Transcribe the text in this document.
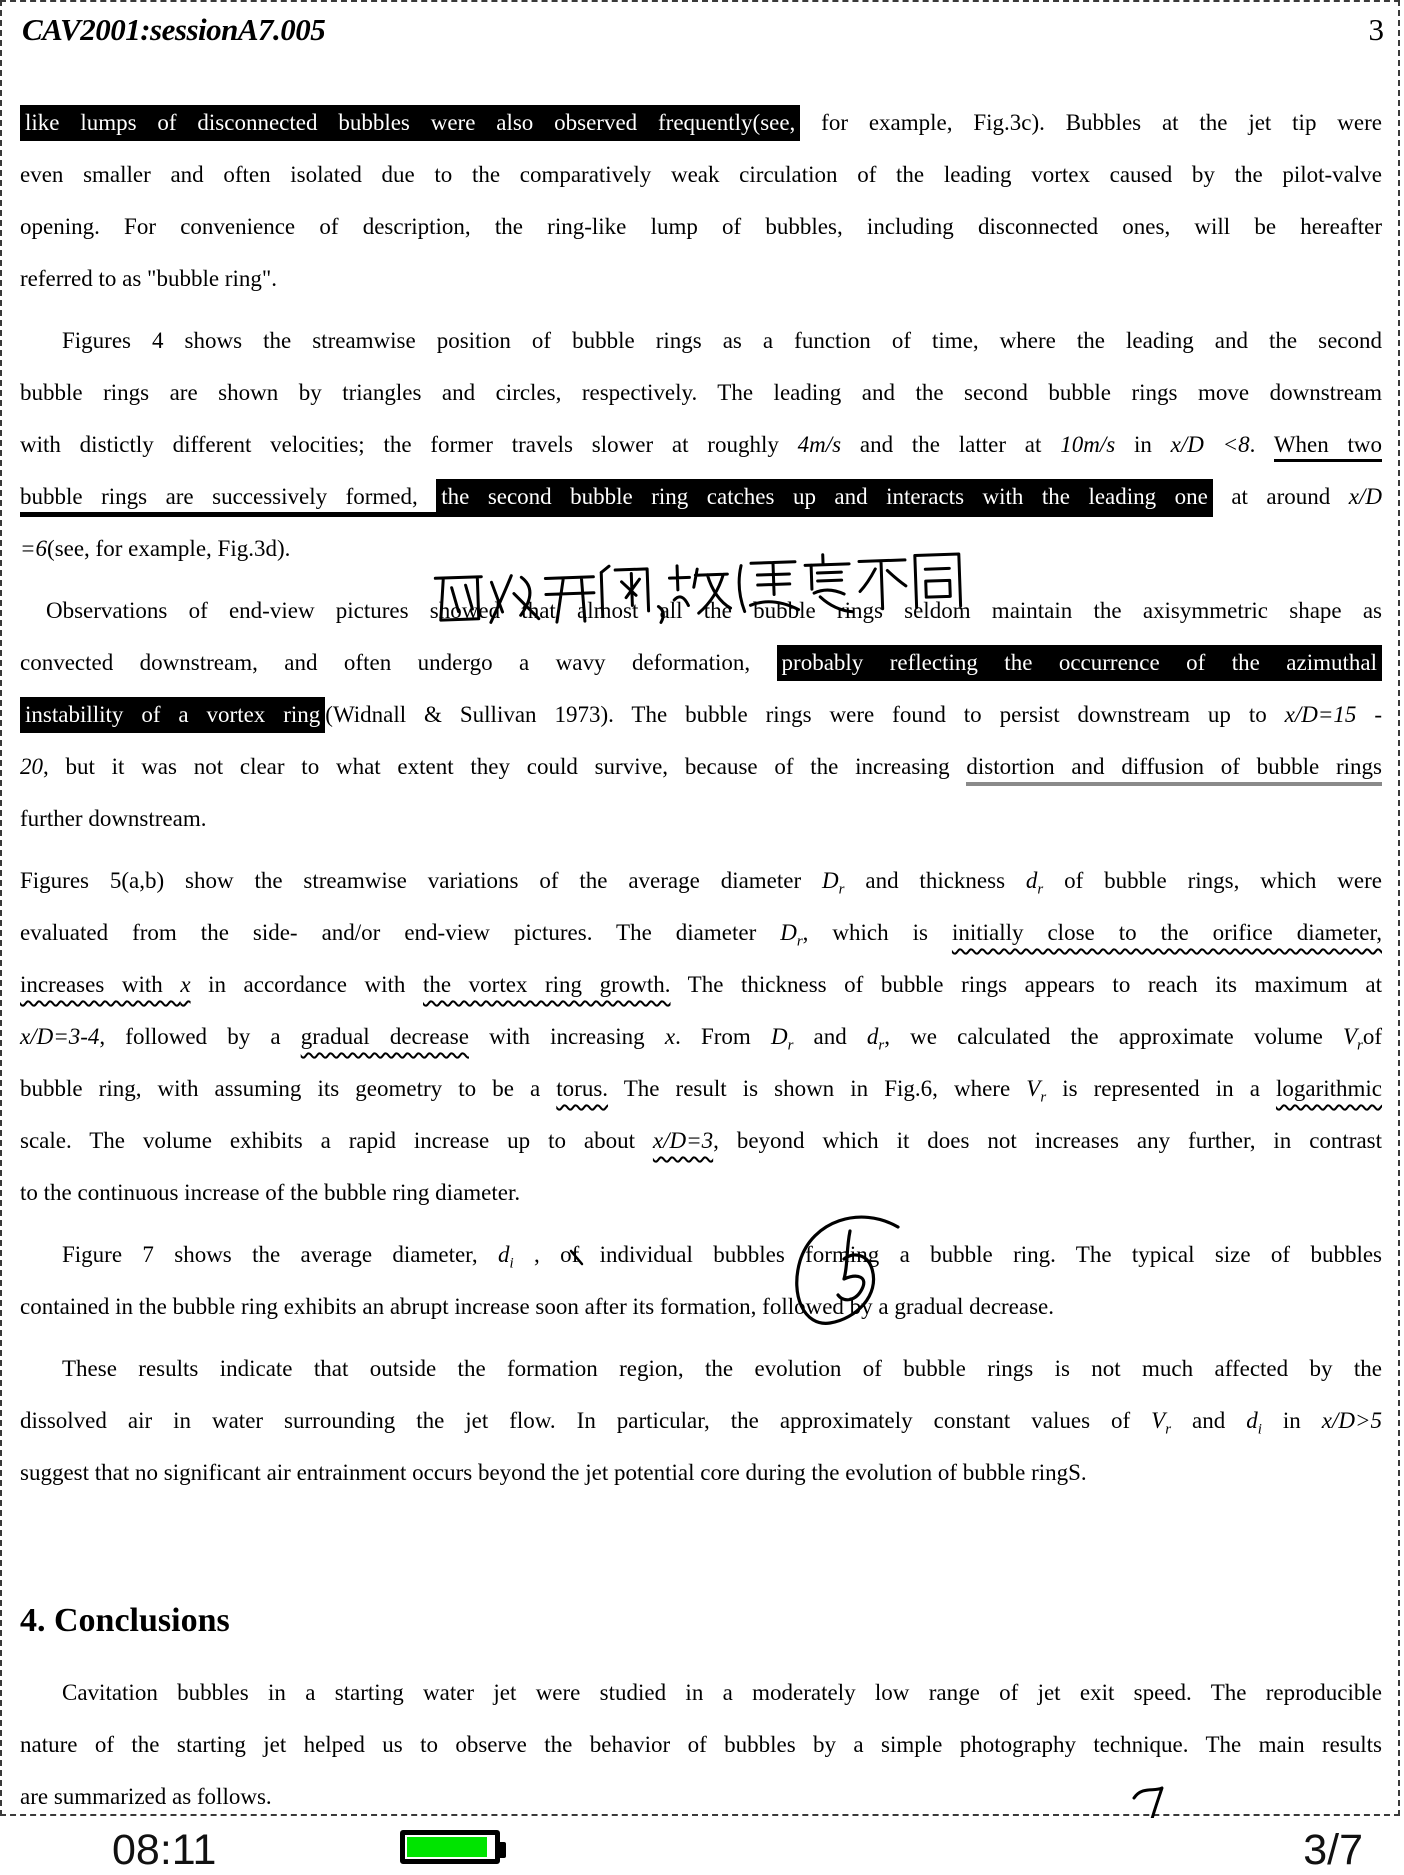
CAV2001:sessionA7.005	3
like lumps of disconnected bubbles were also observed frequently(see, for example, Fig.3c). Bubbles at the jet tip were
even smaller and often isolated due to the comparatively weak circulation of the leading vortex caused by the pilot-valve
opening. For convenience of description, the ring-like lump of bubbles, including disconnected ones, will be hereafter
referred to as "bubble ring".
Figures 4 shows the streamwise position of bubble rings as a function of time, where the leading and the second
bubble rings are shown by triangles and circles, respectively. The leading and the second bubble rings move downstream
with distictly different velocities; the former travels slower at roughly 4m/s and the latter at 10m/s in x/D <8. When two
bubble rings are successively formed, the second bubble ring catches up and interacts with the leading one at around x/D
=6(see, for example, Fig.3d).
Observations of end-view pictures showed that almost all the bubble rings seldom maintain the axisymmetric shape as
convected downstream, and often undergo a wavy deformation, probably reflecting the occurrence of the azimuthal
instabillity of a vortex ring (Widnall & Sullivan 1973). The bubble rings were found to persist downstream up to x/D=15 -
20, but it was not clear to what extent they could survive, because of the increasing distortion and diffusion of bubble rings
further downstream.
Figures 5(a,b) show the streamwise variations of the average diameter $D_r$ and thickness $d_r$ of bubble rings, which were
evaluated from the side- and/or end-view pictures. The diameter $D_r$, which is initially close to the orifice diameter,
increases with x in accordance with the vortex ring growth. The thickness of bubble rings appears to reach its maximum at
x/D=3-4, followed by a gradual decrease with increasing x. From $D_r$ and $d_r$, we calculated the approximate volume $V_rof$
bubble ring, with assuming its geometry to be a torus. The result is shown in Fig.6, where $V_r$ is represented in a logarithmic
scale. The volume exhibits a rapid increase up to about x/D=3, beyond which it does not increases any further, in contrast
to the continuous increase of the bubble ring diameter.
Figure 7 shows the average diameter, $d_i$ , of individual bubbles forming a bubble ring. The typical size of bubbles
contained in the bubble ring exhibits an abrupt increase soon after its formation, followed by a gradual decrease.
These results indicate that outside the formation region, the evolution of bubble rings is not much affected by the
dissolved air in water surrounding the jet flow. In particular, the approximately constant values of $V_r$ and $d_i$ in x/D>5
suggest that no significant air entrainment occurs beyond the jet potential core during the evolution of bubble ringS.
4. Conclusions
Cavitation bubbles in a starting water jet were studied in a moderately low range of jet exit speed. The reproducible
nature of the starting jet helped us to observe the behavior of bubbles by a simple photography technique. The main results
are summarized as follows.
08:11	3/7
